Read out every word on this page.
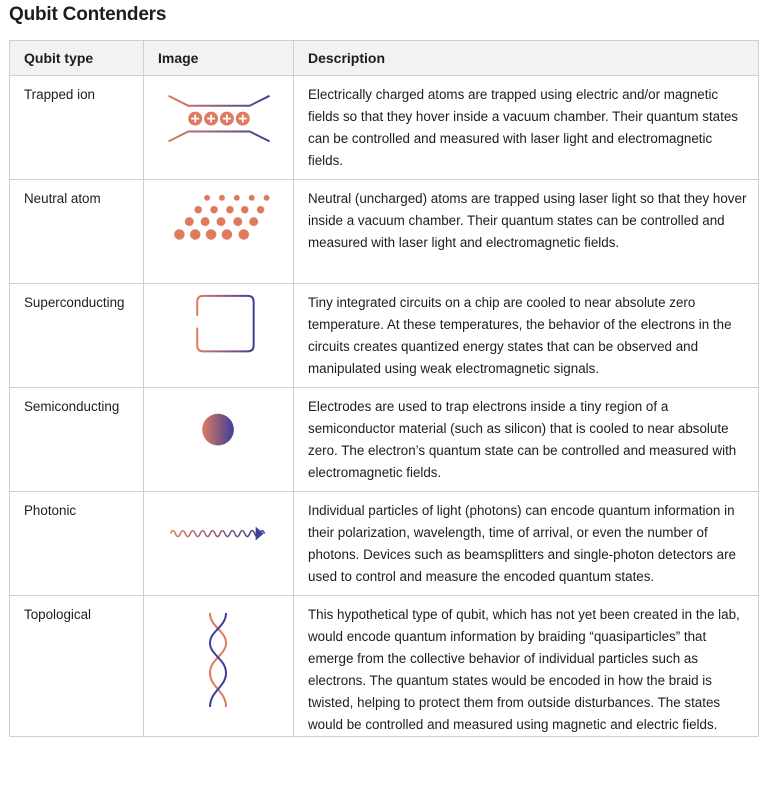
Qubit Contenders
Qubit type	Image	Description
Trapped ion		Electrically charged atoms are trapped using electric and/or magnetic fields so that they hover inside a vacuum chamber. Their quantum states can be controlled and measured with laser light and electromagnetic fields.
Neutral atom		Neutral (uncharged) atoms are trapped using laser light so that they hover inside a vacuum chamber. Their quantum states can be controlled and measured with laser light and electromagnetic fields.
Superconducting		Tiny integrated circuits on a chip are cooled to near absolute zero temperature. At these temperatures, the behavior of the electrons in the circuits creates quantized energy states that can be observed and manipulated using weak electromagnetic signals.
Semiconducting		Electrodes are used to trap electrons inside a tiny region of a semiconductor material (such as silicon) that is cooled to near absolute zero. The electron’s quantum state can be controlled and measured with electromagnetic fields.
Photonic		Individual particles of light (photons) can encode quantum information in their polarization, wavelength, time of arrival, or even the number of photons. Devices such as beamsplitters and single-photon detectors are used to control and measure the encoded quantum states.
Topological		This hypothetical type of qubit, which has not yet been created in the lab, would encode quantum information by braiding “quasiparticles” that emerge from the collective behavior of individual particles such as electrons. The quantum states would be encoded in how the braid is twisted, helping to protect them from outside disturbances. The states would be controlled and measured using magnetic and electric fields.
